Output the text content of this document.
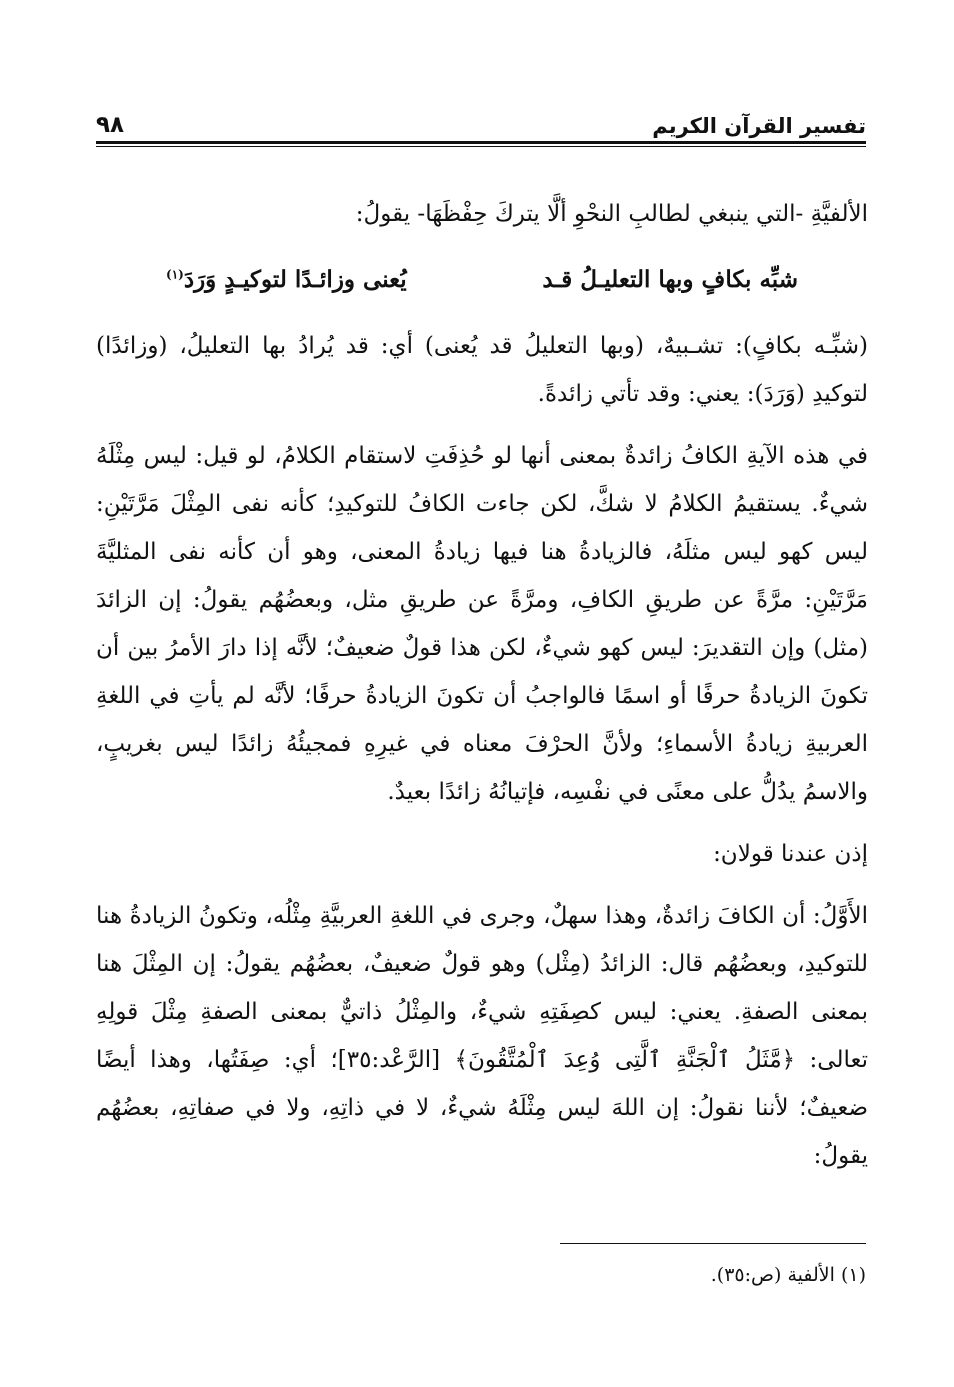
تفسير القرآن الكريم
٩٨

الألفيَّةِ -التي ينبغي لطالبِ النحْوِ ألَّا يتركَ حِفْظَهَا- يقولُ:

شبِّه بكافٍ وبها التعليـلُ قـد
يُعنى وزائـدًا لتوكيـدٍ وَرَدَ$^{(١)}$

(شبِّـه بكافٍ): تشـبيهٌ، (وبها التعليلُ قد يُعنى) أي: قد يُرادُ بها التعليلُ، (وزائدًا) لتوكيدِ (وَرَدَ): يعني: وقد تأتي زائدةً.

في هذه الآيةِ الكافُ زائدةٌ بمعنى أنها لو حُذِفَتِ لاستقام الكلامُ، لو قيل: ليس مِثْلَهُ شيءٌ. يستقيمُ الكلامُ لا شكَّ، لكن جاءت الكافُ للتوكيدِ؛ كأنه نفى المِثْلَ مَرَّتَيْنِ: ليس كهو ليس مثلَهُ، فالزيادةُ هنا فيها زيادةُ المعنى، وهو أن كأنه نفى المثليَّةَ مَرَّتَيْنِ: مرَّةً عن طريقِ الكافِ، ومرَّةً عن طريقِ مثل، وبعضُهُم يقولُ: إن الزائدَ (مثل) وإن التقديرَ: ليس كهو شيءٌ، لكن هذا قولٌ ضعيفٌ؛ لأنَّه إذا دارَ الأمرُ بين أن تكونَ الزيادةُ حرفًا أو اسمًا فالواجبُ أن تكونَ الزيادةُ حرفًا؛ لأنَّه لم يأتِ في اللغةِ العربيةِ زيادةُ الأسماءِ؛ ولأنَّ الحرْفَ معناه في غيرِهِ فمجيئُهُ زائدًا ليس بغريبٍ، والاسمُ يدُلُّ على معنًى في نفْسِه، فإتيانُهُ زائدًا بعيدٌ.

إذن عندنا قولان:

الأَوَّلُ: أن الكافَ زائدةٌ، وهذا سهلٌ، وجرى في اللغةِ العربيَّةِ مِثْلُه، وتكونُ الزيادةُ هنا للتوكيدِ، وبعضُهُم قال: الزائدُ (مِثْل) وهو قولٌ ضعيفٌ، بعضُهُم يقولُ: إن المِثْلَ هنا بمعنى الصفةِ. يعني: ليس كصِفَتِهِ شيءٌ، والمِثْلُ ذاتيٌّ بمعنى الصفةِ مِثْلَ قولِهِ تعالى: ﴿مَّثَلُ ٱلْجَنَّةِ ٱلَّتِى وُعِدَ ٱلْمُتَّقُونَ﴾ [الرَّعْد:٣٥]؛ أي: صِفَتُها، وهذا أيضًا ضعيفٌ؛ لأننا نقولُ: إن اللهَ ليس مِثْلَهُ شيءٌ، لا في ذاتِهِ، ولا في صفاتِهِ، بعضُهُم يقولُ:

(١) الألفية (ص:٣٥).
